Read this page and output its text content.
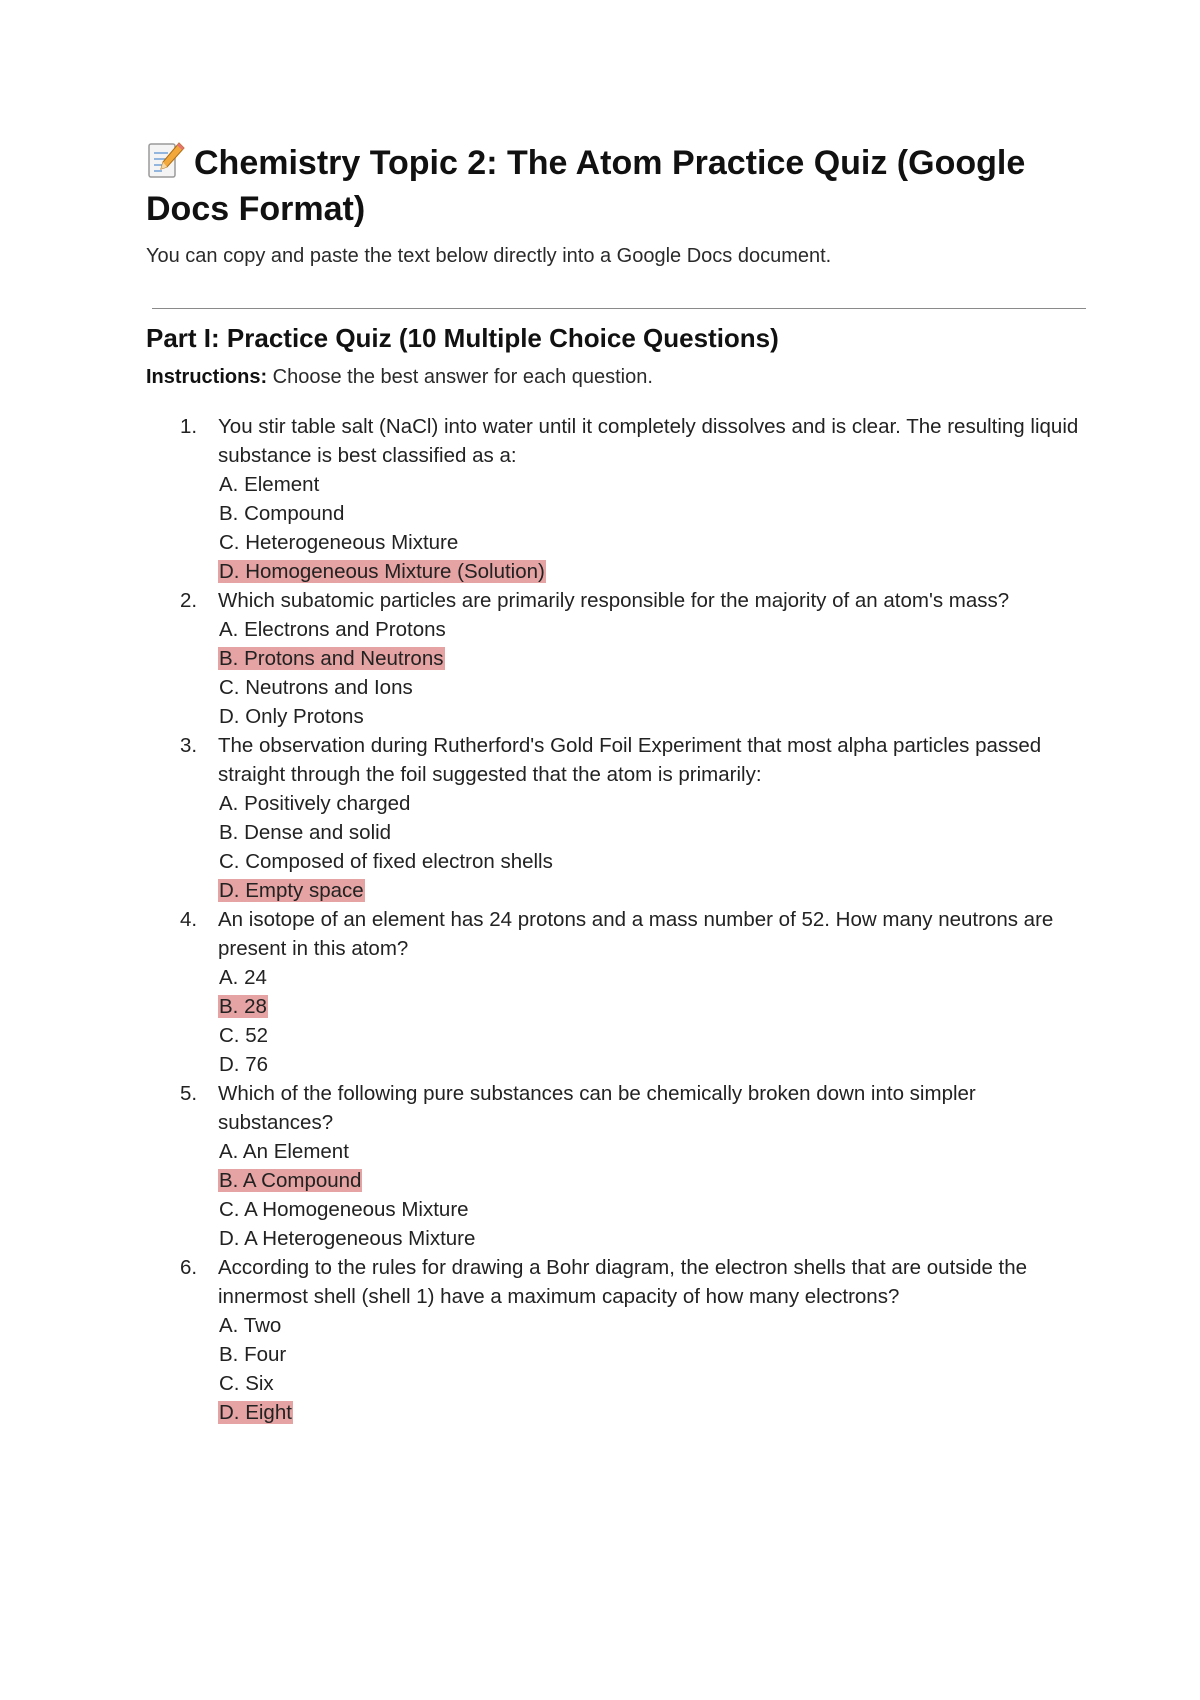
Chemistry Topic 2: The Atom Practice Quiz (Google Docs Format)

You can copy and paste the text below directly into a Google Docs document.

Part I: Practice Quiz (10 Multiple Choice Questions)

Instructions: Choose the best answer for each question.

1. You stir table salt (NaCl) into water until it completely dissolves and is clear. The resulting liquid substance is best classified as a:
A. Element
B. Compound
C. Heterogeneous Mixture
D. Homogeneous Mixture (Solution)
2. Which subatomic particles are primarily responsible for the majority of an atom's mass?
A. Electrons and Protons
B. Protons and Neutrons
C. Neutrons and Ions
D. Only Protons
3. The observation during Rutherford's Gold Foil Experiment that most alpha particles passed straight through the foil suggested that the atom is primarily:
A. Positively charged
B. Dense and solid
C. Composed of fixed electron shells
D. Empty space
4. An isotope of an element has 24 protons and a mass number of 52. How many neutrons are present in this atom?
A. 24
B. 28
C. 52
D. 76
5. Which of the following pure substances can be chemically broken down into simpler substances?
A. An Element
B. A Compound
C. A Homogeneous Mixture
D. A Heterogeneous Mixture
6. According to the rules for drawing a Bohr diagram, the electron shells that are outside the innermost shell (shell 1) have a maximum capacity of how many electrons?
A. Two
B. Four
C. Six
D. Eight
